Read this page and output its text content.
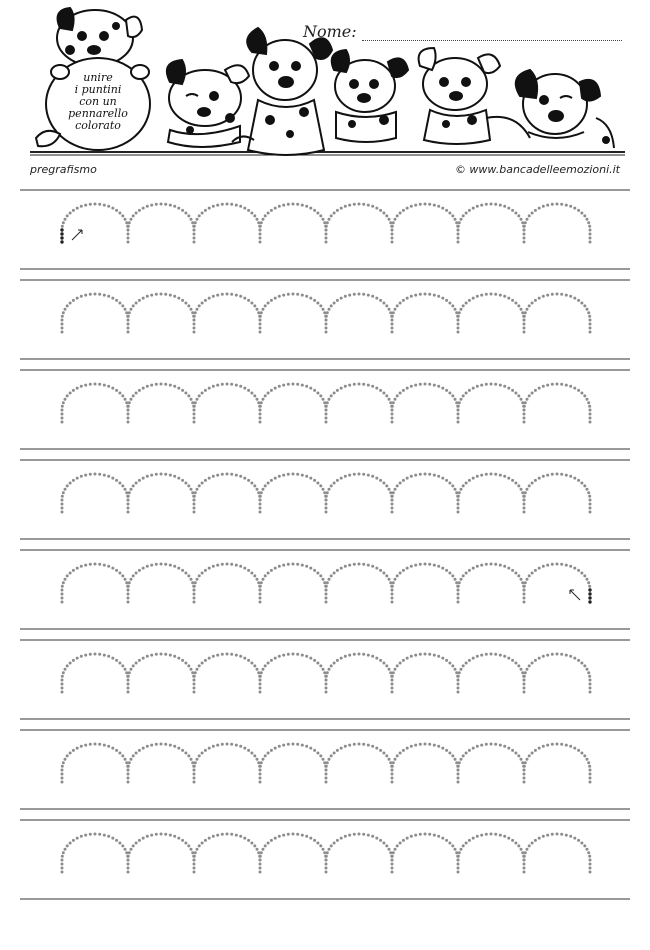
Nome:
unire
i puntini
con un
pennarello
colorato
pregrafismo	© www.bancadelleemozioni.it
